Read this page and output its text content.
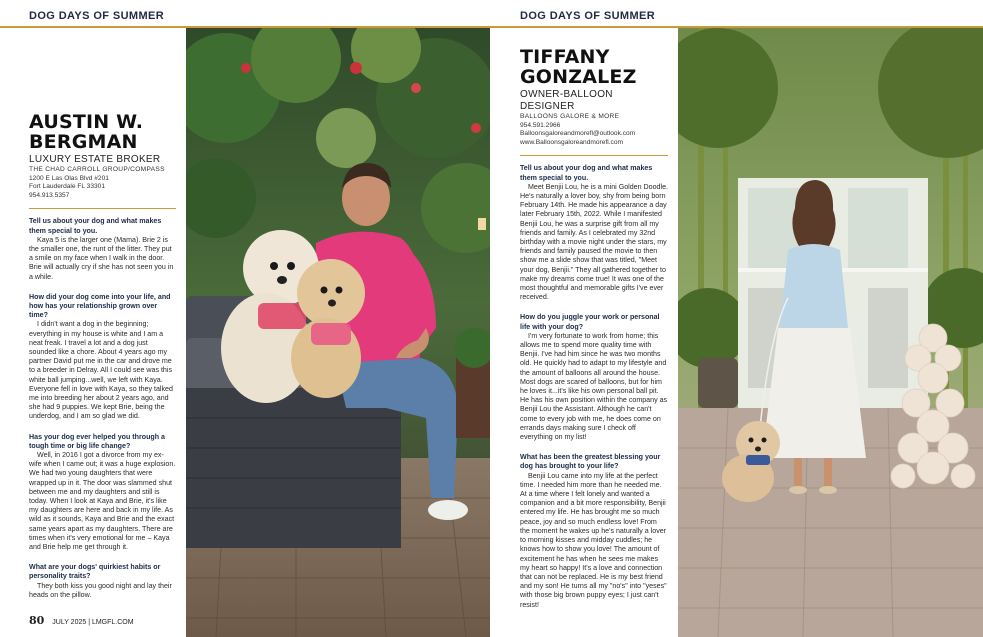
DOG DAYS OF SUMMER	DOG DAYS OF SUMMER
AUSTIN W.
BERGMAN
LUXURY ESTATE BROKER
THE CHAD CARROLL GROUP/COMPASS
1200 E Las Olas Blvd #201
Fort Lauderdale FL 33301
954.913.5357
Tell us about your dog and what makes them special to you.
Kaya 5 is the larger one (Mama). Brie 2 is the smaller one, the runt of the litter. They put a smile on my face when I walk in the door. Brie will actually cry if she has not seen you in a while.
How did your dog come into your life, and how has your relationship grown over time?
I didn't want a dog in the beginning; everything in my house is white and I am a neat freak. I travel a lot and a dog just sounded like a chore. About 4 years ago my partner David put me in the car and drove me to a breeder in Delray. All I could see was this white ball jumping...well, we left with Kaya. Everyone fell in love with Kaya, so they talked me into breeding her about 2 years ago, and she had 9 puppies. We kept Brie, being the underdog, and I am so glad we did.
Has your dog ever helped you through a tough time or big life change?
Well, in 2016 I got a divorce from my ex-wife when I came out; it was a huge explosion. We had two young daughters that were wrapped up in it. The door was slammed shut between me and my daughters and still is today. When I look at Kaya and Brie, it's like my daughters are here and back in my life. As wild as it sounds, Kaya and Brie and the exact same years apart as my daughters. There are times when it's very emotional for me – Kaya and Brie help me get through it.
What are your dogs' quirkiest habits or personality traits?
They both kiss you good night and lay their heads on the pillow.
80 JULY 2025 | LMGFL.COM
TIFFANY
GONZALEZ
OWNER-BALLOON DESIGNER
BALLOONS GALORE & MORE
954.591.2966
Balloonsgaloreandmorefl@outlook.com
www.Balloonsgaloreandmorefl.com
Tell us about your dog and what makes them special to you.
Meet Benjii Lou, he is a mini Golden Doodle. He's naturally a lover boy, shy from being born February 14th. He made his appearance a day later February 15th, 2022. While I manifested Benjii Lou, he was a surprise gift from all my friends and family. As I celebrated my 32nd birthday with a movie night under the stars, my friends and family paused the movie to then show me a slide show that was titled, "Meet your dog, Benjii." They all gathered together to make my dreams come true! It was one of the most thoughtful and memorable gifts I've ever received.
How do you juggle your work or personal life with your dog?
I'm very fortunate to work from home; this allows me to spend more quality time with Benjii. I've had him since he was two months old. He quickly had to adapt to my lifestyle and the amount of balloons all around the house. Most dogs are scared of balloons, but for him he loves it...it's like his own personal ball pit. He has his own position within the company as Benjii Lou the Assistant. Although he can't come to every job with me, he does come on errands days making sure I check off everything on my list!
What has been the greatest blessing your dog has brought to your life?
Benjii Lou came into my life at the perfect time. I needed him more than he needed me. At a time where I felt lonely and wanted a companion and a bit more responsibility, Benjii entered my life. He has brought me so much peace, joy and so much endless love! From the moment he wakes up he's naturally a lover to morning kisses and midday cuddles; he knows how to show you love! The amount of excitement he has when he sees me makes my heart so happy! It's a love and connection that can not be replaced. He is my best friend and my son! He turns all my "no's" into "yeses" with those big brown puppy eyes; I just can't resist!
